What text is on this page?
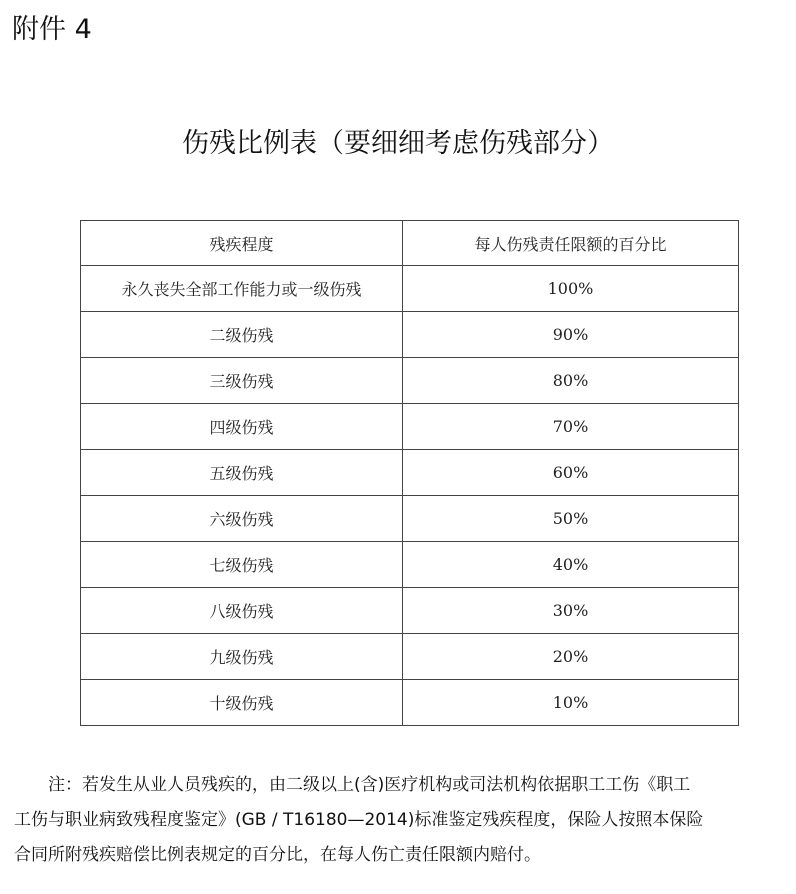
附件 4
伤残比例表（要细细考虑伤残部分）
残疾程度	每人伤残责任限额的百分比
永久丧失全部工作能力或一级伤残	100%
二级伤残	90%
三级伤残	80%
四级伤残	70%
五级伤残	60%
六级伤残	50%
七级伤残	40%
八级伤残	30%
九级伤残	20%
十级伤残	10%

注：若发生从业人员残疾的，由二级以上(含)医疗机构或司法机构依据职工工伤《职工

工伤与职业病致残程度鉴定》(GB / T16180—2014)标准鉴定残疾程度，保险人按照本保险

合同所附残疾赔偿比例表规定的百分比，在每人伤亡责任限额内赔付。
